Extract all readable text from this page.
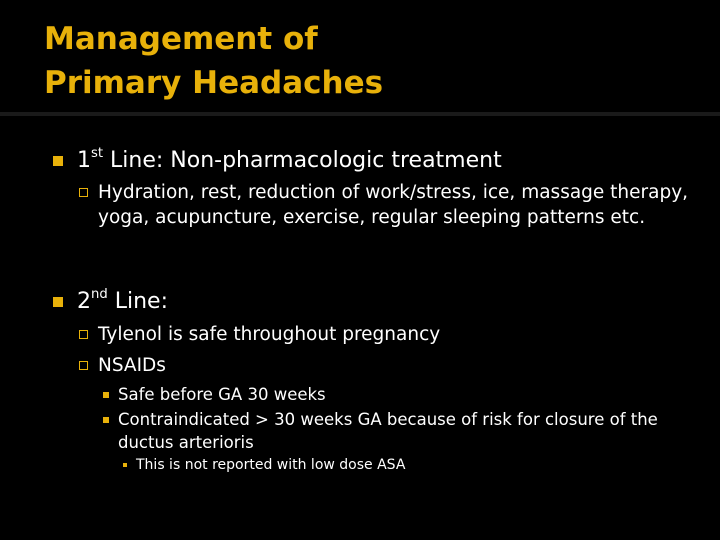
Management of
Primary Headaches
1st Line: Non-pharmacologic treatment
Hydration, rest, reduction of work/stress, ice, massage therapy, yoga, acupuncture, exercise, regular sleeping patterns etc.
2nd Line:
Tylenol is safe throughout pregnancy
NSAIDs
Safe before GA 30 weeks
Contraindicated > 30 weeks GA because of risk for closure of the ductus arterioris
This is not reported with low dose ASA
